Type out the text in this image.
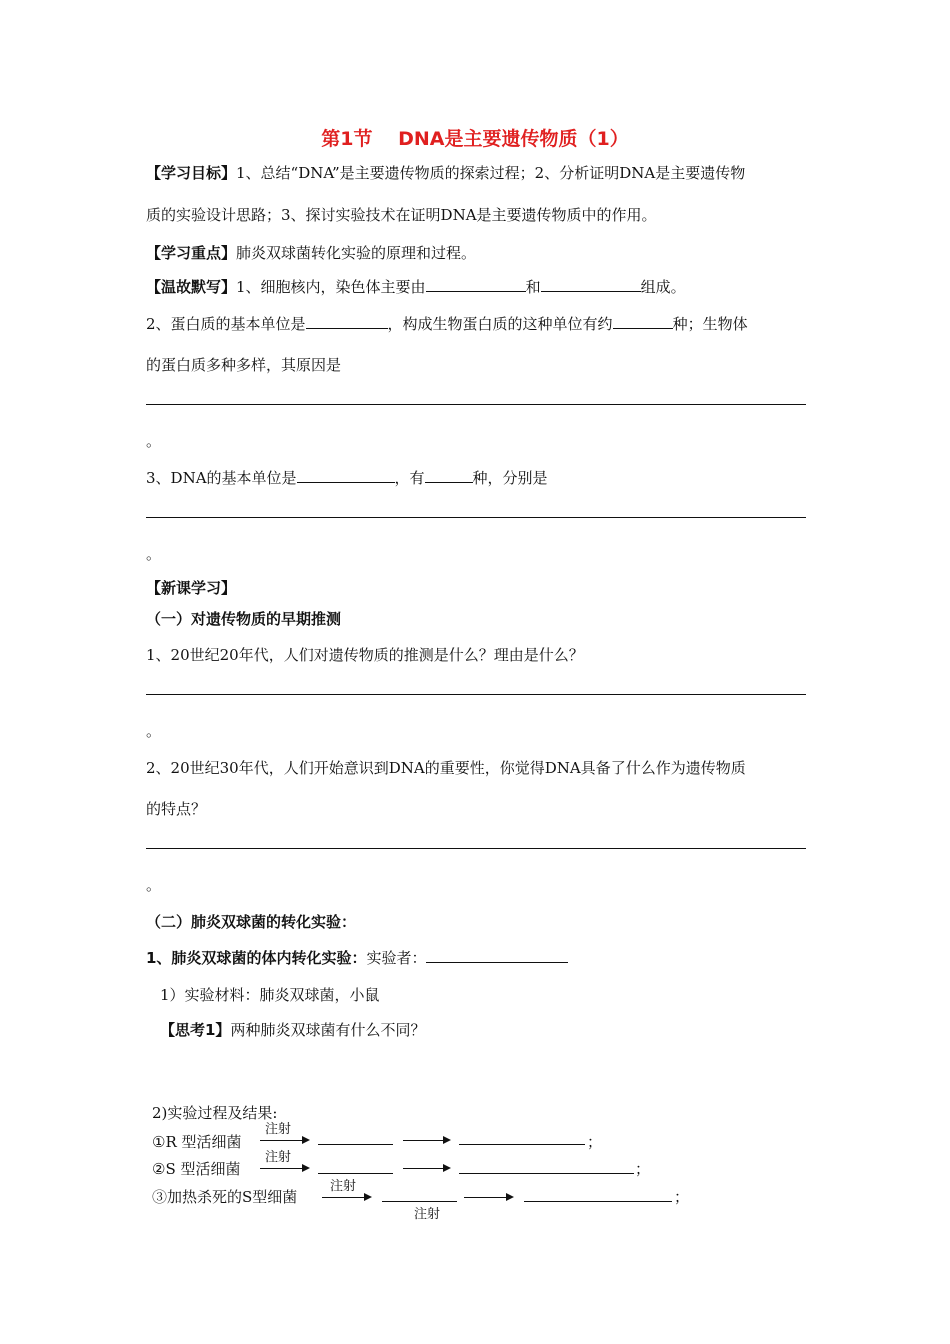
第1节　 DNA是主要遗传物质（1）
【学习目标】1、总结“DNA”是主要遗传物质的探索过程；2、分析证明DNA是主要遗传物
质的实验设计思路；3、探讨实验技术在证明DNA是主要遗传物质中的作用。
【学习重点】肺炎双球菌转化实验的原理和过程。
【温故默写】1、细胞核内，染色体主要由	和	组成。
2、蛋白质的基本单位是	，构成生物蛋白质的这种单位有约	种；生物体
的蛋白质多种多样，其原因是
。
3、DNA的基本单位是	，有	种，分别是
。
【新课学习】
（一）对遗传物质的早期推测
1、20世纪20年代，人们对遗传物质的推测是什么？理由是什么？
。
2、20世纪30年代，人们开始意识到DNA的重要性，你觉得DNA具备了什么作为遗传物质
的特点？
。
（二）肺炎双球菌的转化实验：
1、肺炎双球菌的体内转化实验：实验者：
1）实验材料：肺炎双球菌，小鼠
【思考1】两种肺炎双球菌有什么不同？
2)实验过程及结果:
①R 型活细菌
注射
；
②S 型活细菌
注射
；
③加热杀死的S型细菌
注射
注射
；
